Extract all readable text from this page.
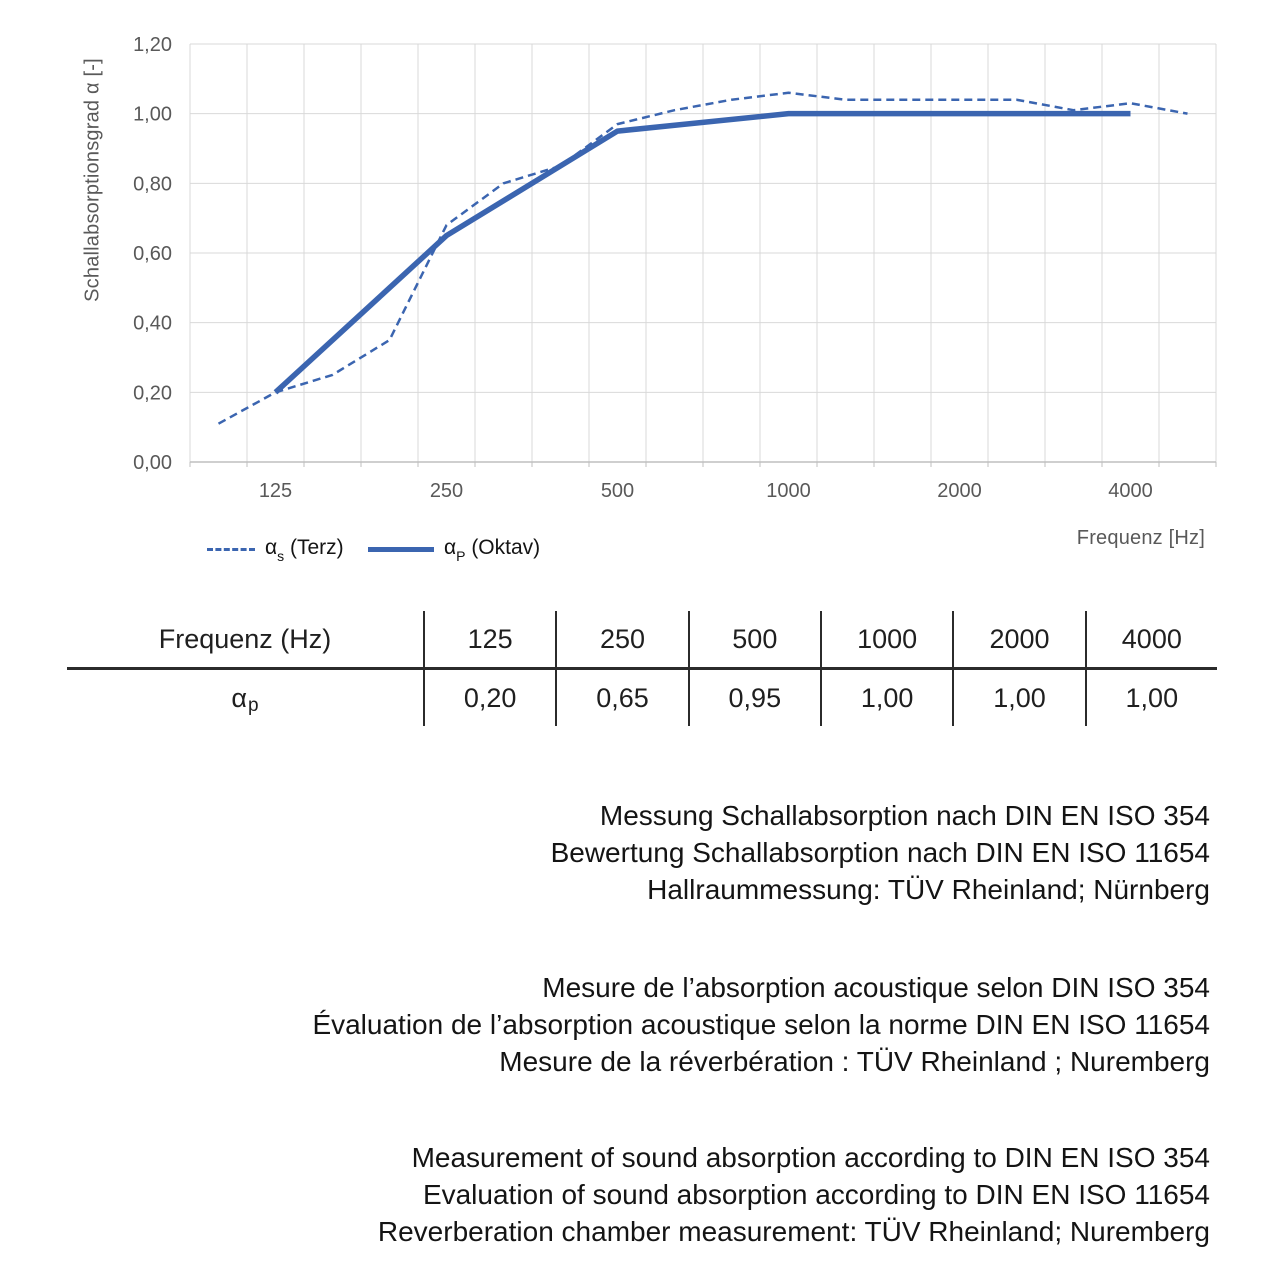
1,20
1,00
0,80
0,60
0,40
0,20
0,00
125	250	500	1000	2000	4000
Schallabsorptionsgrad α [-]
Frequenz [Hz]
$\alpha_s$ (Terz)	$\alpha_P$ (Oktav)
Frequenz (Hz)	125	250	500	1000	2000	4000
α p	0,20	0,65	0,95	1,00	1,00	1,00
Messung Schallabsorption nach DIN EN ISO 354
Bewertung Schallabsorption nach DIN EN ISO 11654
Hallraummessung: TÜV Rheinland; Nürnberg
Mesure de l’absorption acoustique selon DIN ISO 354
Évaluation de l’absorption acoustique selon la norme DIN EN ISO 11654
Mesure de la réverbération : TÜV Rheinland ; Nuremberg
Measurement of sound absorption according to DIN EN ISO 354
Evaluation of sound absorption according to DIN EN ISO 11654
Reverberation chamber measurement: TÜV Rheinland; Nuremberg
